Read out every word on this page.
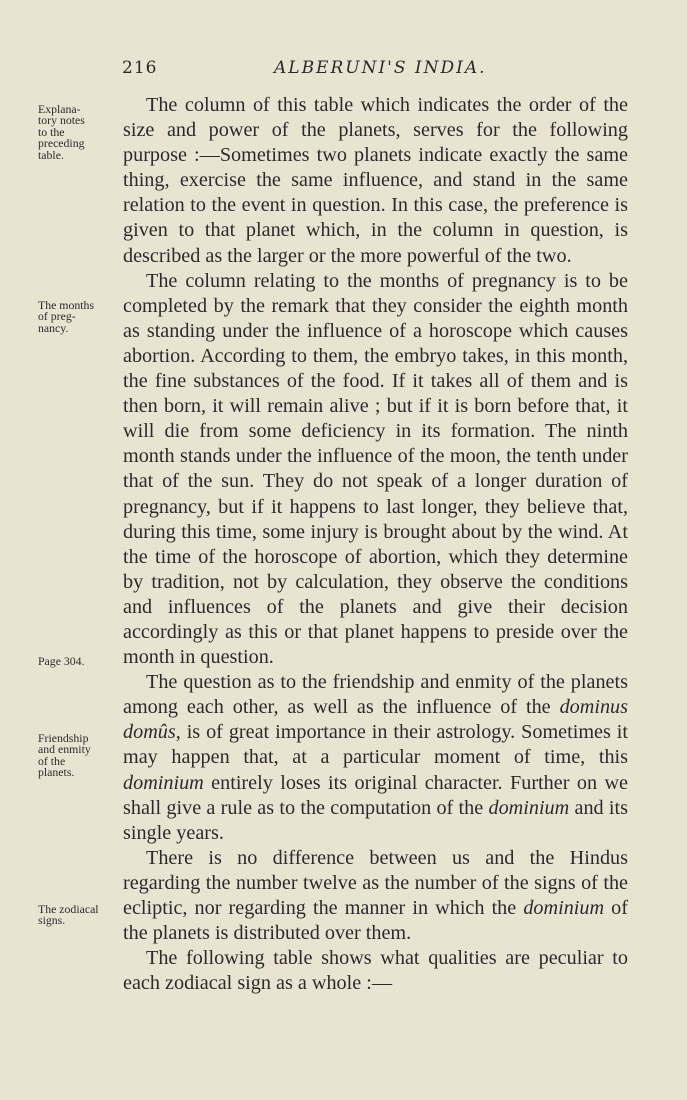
216	ALBERUNI'S INDIA.
Explana-
tory notes
to the
preceding
table.
The months
of preg-
nancy.
Page 304.
Friendship
and enmity
of the
planets.
The zodiacal
signs.

The column of this table which indicates the order of the size and power of the planets, serves for the following purpose :—Sometimes two planets indicate exactly the same thing, exercise the same influence, and stand in the same relation to the event in question. In this case, the preference is given to that planet which, in the column in question, is described as the larger or the more powerful of the two.

The column relating to the months of pregnancy is to be completed by the remark that they consider the eighth month as standing under the influence of a horoscope which causes abortion. According to them, the embryo takes, in this month, the fine substances of the food. If it takes all of them and is then born, it will remain alive ; but if it is born before that, it will die from some deficiency in its formation. The ninth month stands under the influence of the moon, the tenth under that of the sun. They do not speak of a longer duration of pregnancy, but if it happens to last longer, they believe that, during this time, some injury is brought about by the wind. At the time of the horoscope of abortion, which they determine by tradition, not by calculation, they observe the conditions and influences of the planets and give their decision accordingly as this or that planet happens to preside over the month in question.

The question as to the friendship and enmity of the planets among each other, as well as the influence of the dominus domûs, is of great importance in their astrology. Sometimes it may happen that, at a particular moment of time, this dominium entirely loses its original character. Further on we shall give a rule as to the computation of the dominium and its single years.

There is no difference between us and the Hindus regarding the number twelve as the number of the signs of the ecliptic, nor regarding the manner in which the dominium of the planets is distributed over them.

The following table shows what qualities are peculiar to each zodiacal sign as a whole :—
